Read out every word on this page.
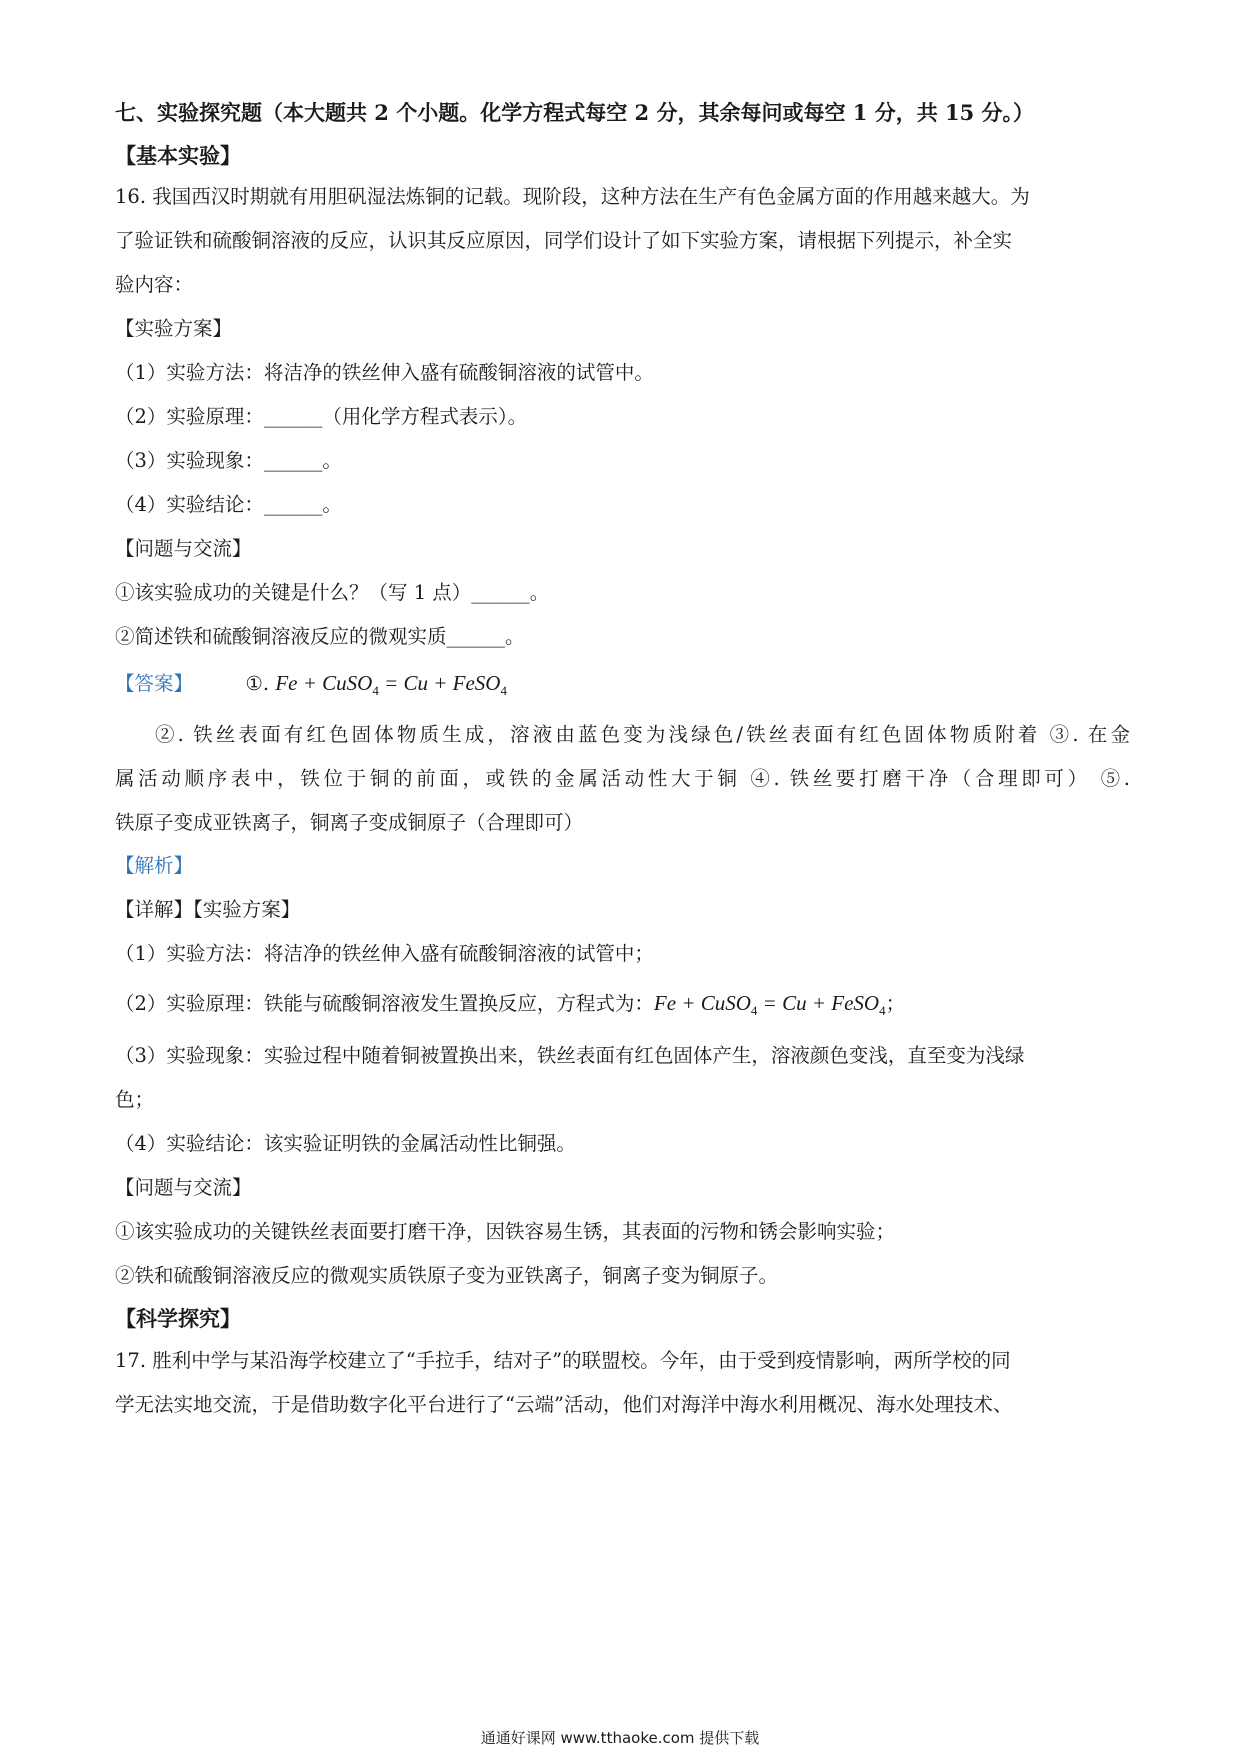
七、实验探究题（本大题共 2 个小题。化学方程式每空 2 分，其余每问或每空 1 分，共 15 分。）
【基本实验】
16. 我国西汉时期就有用胆矾湿法炼铜的记载。现阶段，这种方法在生产有色金属方面的作用越来越大。为
了验证铁和硫酸铜溶液的反应，认识其反应原因，同学们设计了如下实验方案，请根据下列提示，补全实
验内容：
【实验方案】
（1）实验方法：将洁净的铁丝伸入盛有硫酸铜溶液的试管中。
（2）实验原理：______（用化学方程式表示）。
（3）实验现象：______。
（4）实验结论：______。
【问题与交流】
①该实验成功的关键是什么？（写 1 点）______。
②简述铁和硫酸铜溶液反应的微观实质______。
【答案】	①. Fe + CuSO$_4$ = Cu + FeSO$_4$
②. 铁丝表面有红色固体物质生成，溶液由蓝色变为浅绿色/铁丝表面有红色固体物质附着 ③. 在金
属活动顺序表中，铁位于铜的前面，或铁的金属活动性大于铜 ④. 铁丝要打磨干净（合理即可） ⑤.
铁原子变成亚铁离子，铜离子变成铜原子（合理即可）
【解析】
【详解】【实验方案】
（1）实验方法：将洁净的铁丝伸入盛有硫酸铜溶液的试管中；
（2）实验原理：铁能与硫酸铜溶液发生置换反应，方程式为：Fe + CuSO$_4$ = Cu + FeSO$_4$；
（3）实验现象：实验过程中随着铜被置换出来，铁丝表面有红色固体产生，溶液颜色变浅，直至变为浅绿
色；
（4）实验结论：该实验证明铁的金属活动性比铜强。
【问题与交流】
①该实验成功的关键铁丝表面要打磨干净，因铁容易生锈，其表面的污物和锈会影响实验；
②铁和硫酸铜溶液反应的微观实质铁原子变为亚铁离子，铜离子变为铜原子。
【科学探究】
17. 胜利中学与某沿海学校建立了“手拉手，结对子”的联盟校。今年，由于受到疫情影响，两所学校的同
学无法实地交流，于是借助数字化平台进行了“云端”活动，他们对海洋中海水利用概况、海水处理技术、
通通好课网 www.tthaoke.com 提供下载
